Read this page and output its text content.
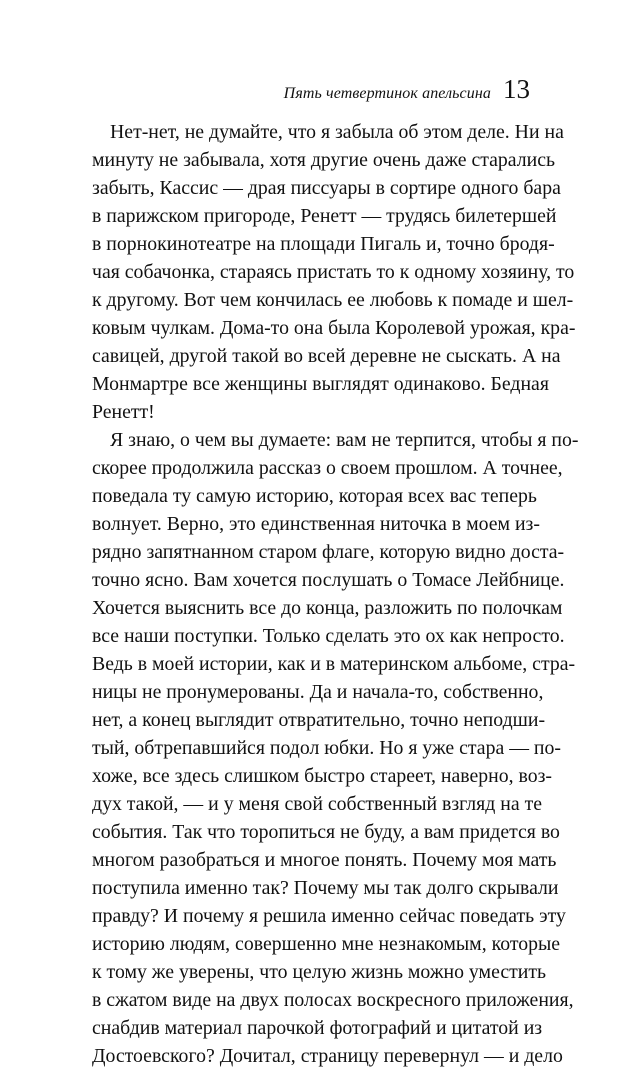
Пять четвертинок апельсина 13
Нет-нет, не думайте, что я забыла об этом деле. Ни на
минуту не забывала, хотя другие очень даже старались
забыть, Кассис — драя писсуары в сортире одного бара
в парижском пригороде, Ренетт — трудясь билетершей
в порнокинотеатре на площади Пигаль и, точно бродя-
чая собачонка, стараясь пристать то к одному хозяину, то
к другому. Вот чем кончилась ее любовь к помаде и шел-
ковым чулкам. Дома-то она была Королевой урожая, кра-
савицей, другой такой во всей деревне не сыскать. А на
Монмартре все женщины выглядят одинаково. Бедная
Ренетт!
Я знаю, о чем вы думаете: вам не терпится, чтобы я по-
скорее продолжила рассказ о своем прошлом. А точнее,
поведала ту самую историю, которая всех вас теперь
волнует. Верно, это единственная ниточка в моем из-
рядно запятнанном старом флаге, которую видно доста-
точно ясно. Вам хочется послушать о Томасе Лейбнице.
Хочется выяснить все до конца, разложить по полочкам
все наши поступки. Только сделать это ох как непросто.
Ведь в моей истории, как и в материнском альбоме, стра-
ницы не пронумерованы. Да и начала-то, собственно,
нет, а конец выглядит отвратительно, точно неподши-
тый, обтрепавшийся подол юбки. Но я уже стара — по-
хоже, все здесь слишком быстро стареет, наверно, воз-
дух такой, — и у меня свой собственный взгляд на те
события. Так что торопиться не буду, а вам придется во
многом разобраться и многое понять. Почему моя мать
поступила именно так? Почему мы так долго скрывали
правду? И почему я решила именно сейчас поведать эту
историю людям, совершенно мне незнакомым, которые
к тому же уверены, что целую жизнь можно уместить
в сжатом виде на двух полосах воскресного приложения,
снабдив материал парочкой фотографий и цитатой из
Достоевского? Дочитал, страницу перевернул — и дело
